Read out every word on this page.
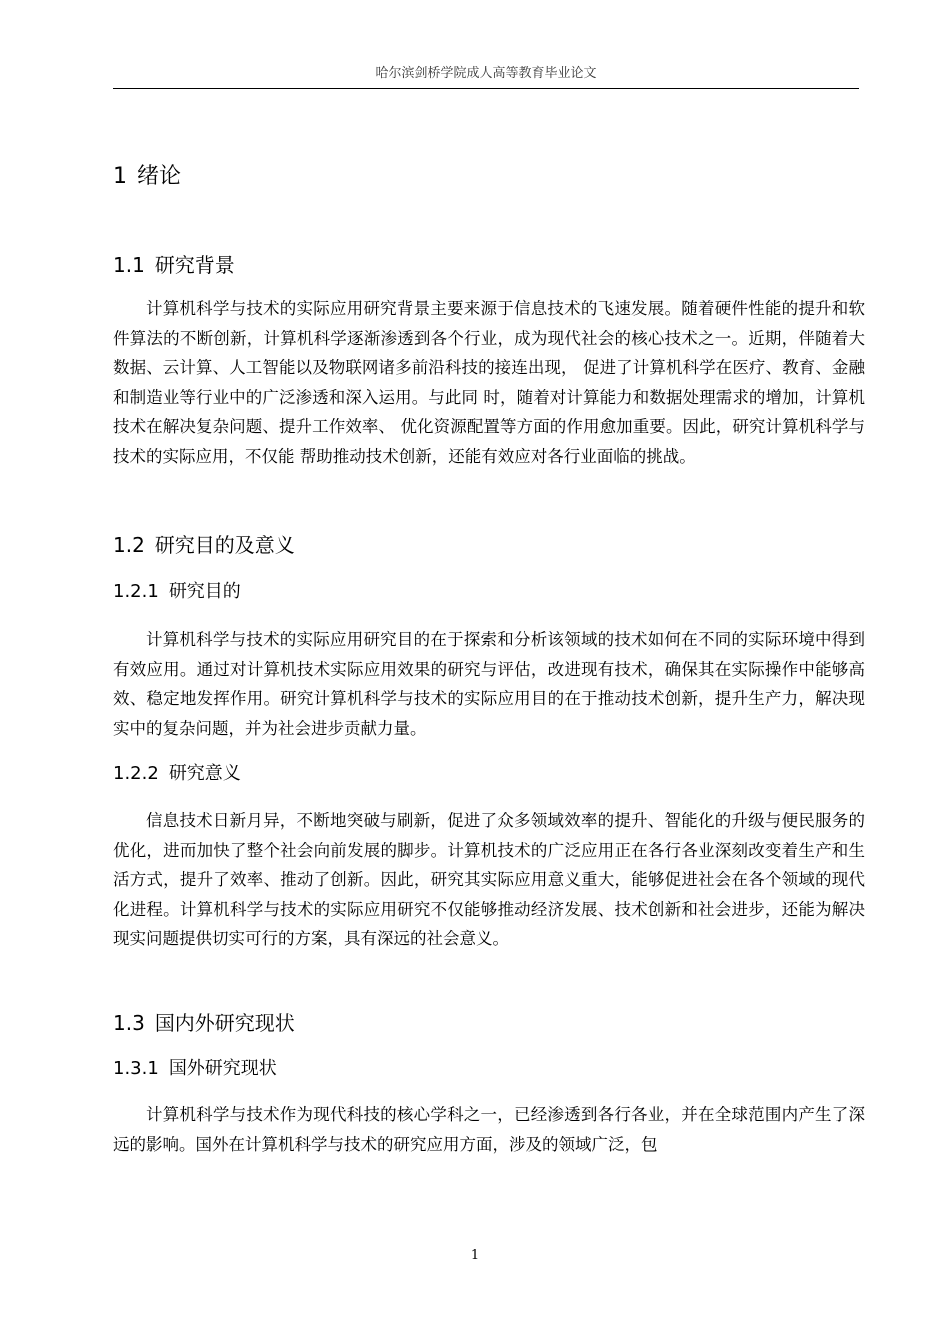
哈尔滨剑桥学院成人高等教育毕业论文
1 绪论
1.1 研究背景

计算机科学与技术的实际应用研究背景主要来源于信息技术的飞速发展。随着硬件性能的提升和软件算法的不断创新，计算机科学逐渐渗透到各个行业，成为现代社会的核心技术之一。近期，伴随着大数据、云计算、人工智能以及物联网诸多前沿科技的接连出现， 促进了计算机科学在医疗、教育、金融和制造业等行业中的广泛渗透和深入运用。与此同 时，随着对计算能力和数据处理需求的增加，计算机技术在解决复杂问题、提升工作效率、 优化资源配置等方面的作用愈加重要。因此，研究计算机科学与技术的实际应用，不仅能 帮助推动技术创新，还能有效应对各行业面临的挑战。

1.2 研究目的及意义
1.2.1 研究目的

计算机科学与技术的实际应用研究目的在于探索和分析该领域的技术如何在不同的实际环境中得到有效应用。通过对计算机技术实际应用效果的研究与评估，改进现有技术，确保其在实际操作中能够高效、稳定地发挥作用。研究计算机科学与技术的实际应用目的在于推动技术创新，提升生产力，解决现实中的复杂问题，并为社会进步贡献力量。

1.2.2 研究意义

信息技术日新月异，不断地突破与刷新，促进了众多领域效率的提升、智能化的升级与便民服务的优化，进而加快了整个社会向前发展的脚步。计算机技术的广泛应用正在各行各业深刻改变着生产和生活方式，提升了效率、推动了创新。因此，研究其实际应用意义重大，能够促进社会在各个领域的现代化进程。计算机科学与技术的实际应用研究不仅能够推动经济发展、技术创新和社会进步，还能为解决现实问题提供切实可行的方案，具有深远的社会意义。

1.3 国内外研究现状
1.3.1 国外研究现状

计算机科学与技术作为现代科技的核心学科之一，已经渗透到各行各业，并在全球范围内产生了深远的影响。国外在计算机科学与技术的研究应用方面，涉及的领域广泛，包

1
